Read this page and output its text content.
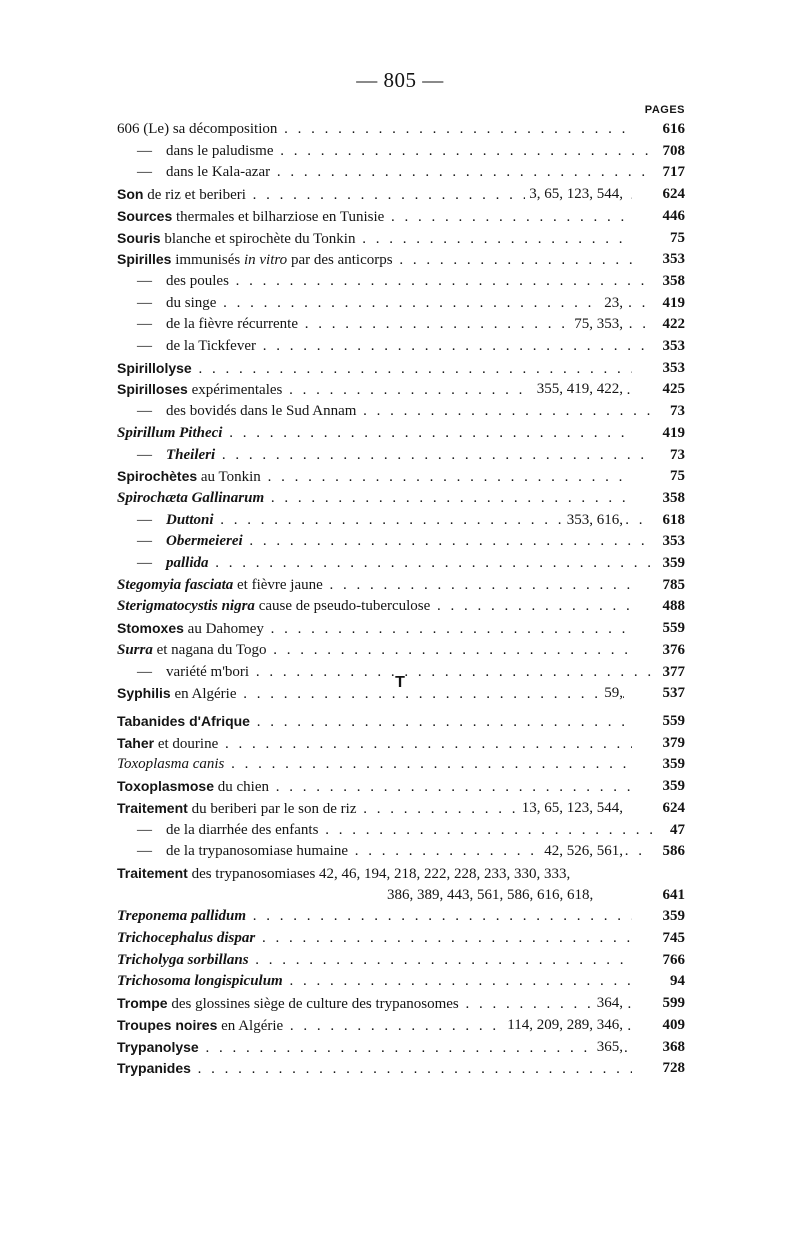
— 805 —
PAGES
606 (Le) sa décomposition . . .	616
— dans le paludisme . . .	708
— dans le Kala-azar . . .	717
Son de riz et beriberi . . .	3, 65, 123, 544,	624
Sources thermales et bilharziose en Tunisie . . .	446
Souris blanche et spirochète du Tonkin . . .	75
Spirilles immunisés in vitro par des anticorps . . .	353
— des poules . . .	358
— du singe . . .	23,	419
— de la fièvre récurrente . . .	75, 353,	422
— de la Tickfever . . .	353
Spirillolyse . . .	353
Spirilloses expérimentales . . .	355, 419, 422,	425
— des bovidés dans le Sud Annam . . .	73
Spirillum Pitheci . . .	419
— Theileri . . .	73
Spirochètes au Tonkin . . .	75
Spirochæta Gallinarum . . .	358
— Duttoni . . .	353, 616,	618
— Obermeierei . . .	353
— pallida . . .	359
Stegomyia fasciata et fièvre jaune . . .	785
Sterigmatocystis nigra cause de pseudo-tuberculose . . .	488
Stomoxes au Dahomey . . .	559
Surra et nagana du Togo . . .	376
— variété m'bori . . .	377
Syphilis en Algérie . . .	59,	537
T
Tabanides d'Afrique . . .	559
Taher et dourine . . .	379
Toxoplasma canis . . .	359
Toxoplasmose du chien . . .	359
Traitement du beriberi par le son de riz . . .	13, 65, 123, 544,	624
— de la diarrhée des enfants . . .	47
— de la trypanosomiase humaine . . .	42, 526, 561,	586
Traitement des trypanosomiases 42, 46, 194, 218, 222, 228, 233, 330, 333,
386, 389, 443, 561, 586, 616, 618,	641
Treponema pallidum . . .	359
Trichocephalus dispar . . .	745
Tricholyga sorbillans . . .	766
Trichosoma longispiculum . . .	94
Trompe des glossines siège de culture des trypanosomes . . .	364,	599
Troupes noires en Algérie . . .	114, 209, 289, 346,	409
Trypanolyse . . .	365,	368
Trypanides . . .	728
